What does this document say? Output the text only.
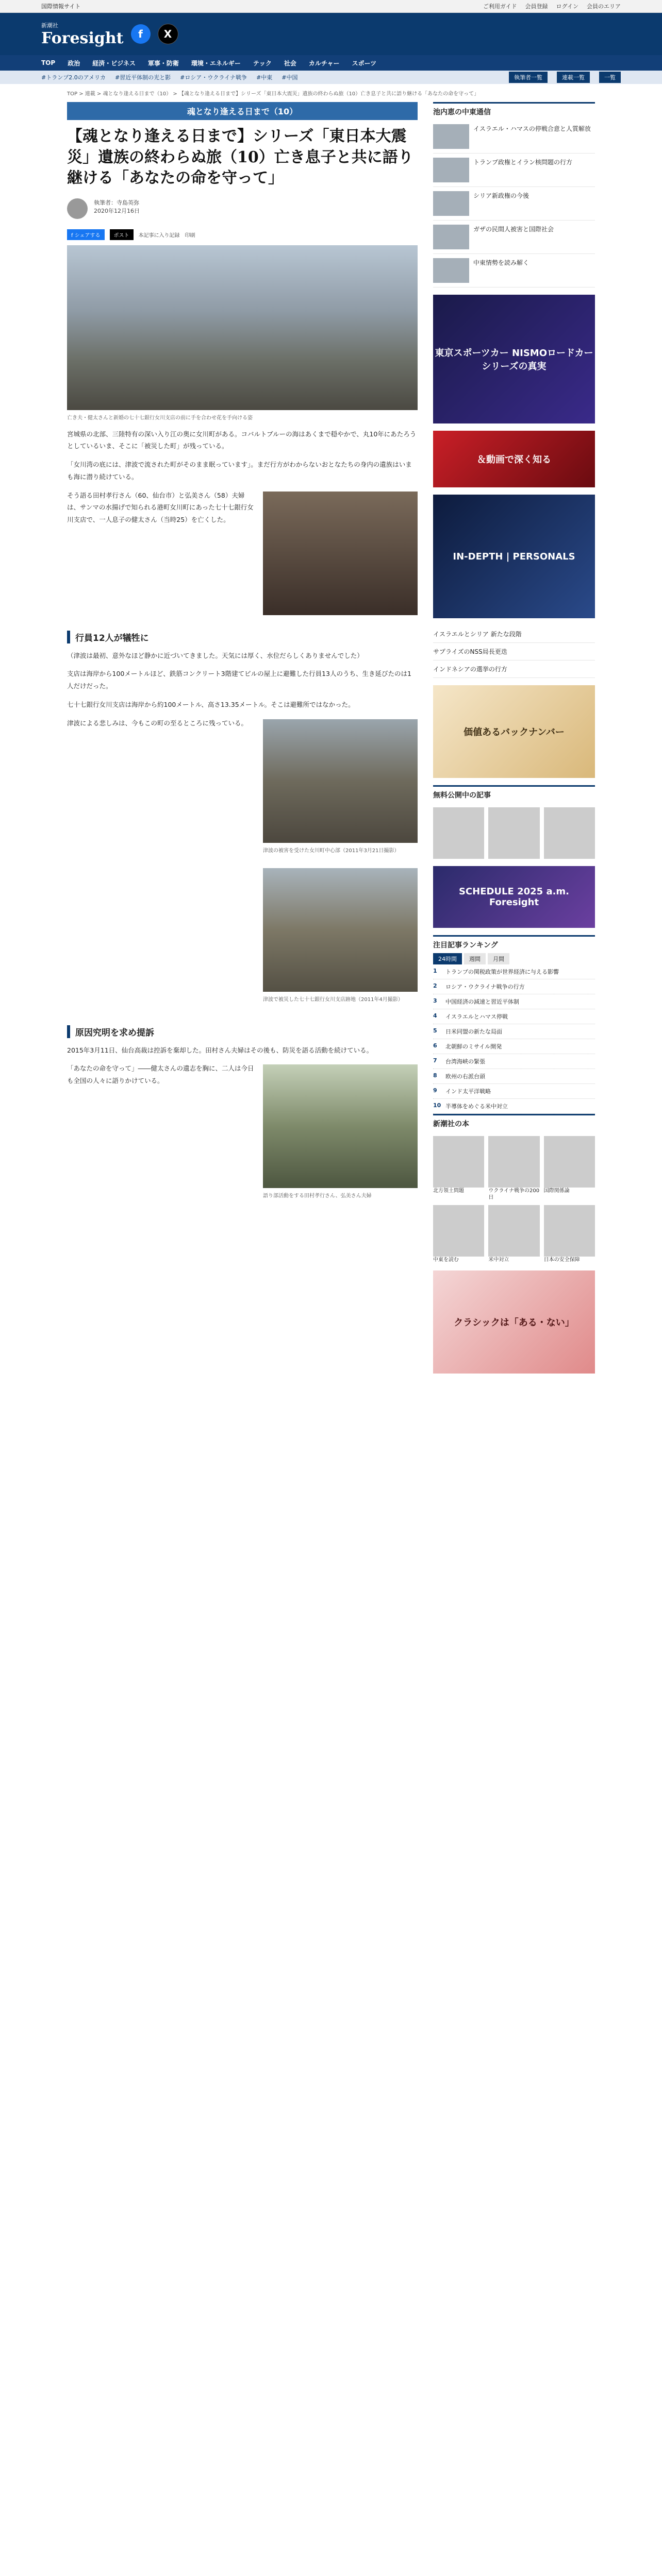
国際情報サイト	ご利用ガイド 会員登録 ログイン 会員のエリア
新潮社
Foresight	f	X
TOP 政治 経済・ビジネス 軍事・防衛 環境・エネルギー テック 社会 カルチャー スポーツ
#トランプ2.0のアメリカ #習近平体制の光と影 #ロシア・ウクライナ戦争 #中東 #中国	執筆者一覧	連載一覧	一覧
TOP > 連載 > 魂となり逢える日まで（10） > 【魂となり逢える日まで】シリーズ「東日本大震災」遺族の終わらぬ旅（10）亡き息子と共に語り継ける「あなたの命を守って」
魂となり逢える日まで（10）
【魂となり逢える日まで】シリーズ「東日本大震災」遺族の終わらぬ旅（10）亡き息子と共に語り継ける「あなたの命を守って」
執筆者：寺島英弥
2020年12月16日
f シェアする	ポスト	本記事に入り記録 印刷
亡き夫・健太さんと新婚の七十七銀行女川支店の前に手を合わせ花を手向ける姿

宮城県の北部、三陸特有の深い入り江の奥に女川町がある。コバルトブルーの海はあくまで穏やかで、丸10年にあたろうとしているいま、そこに「被災した町」が残っている。

「女川湾の底には、津波で流された町がそのまま眠っています」。まだ行方がわからないおとなたちの身内の遺族はいまも海に潜り続けている。

そう語る田村孝行さん（60、仙台市）と弘美さん（58）夫婦は、サンマの水揚げで知られる港町女川町にあった七十七銀行女川支店で、一人息子の健太さん（当時25）を亡くした。

行員12人が犠牲に

（津波は最初、意外なほど静かに近づいてきました。天気には厚く、水位だらしくありませんでした）

支店は海岸から100メートルほど、鉄筋コンクリート3階建てビルの屋上に避難した行員13人のうち、生き延びたのは1人だけだった。

七十七銀行女川支店は海岸から約100メートル、高さ13.35メートル。そこは避難所ではなかった。

津波の被害を受けた女川町中心部（2011年3月21日撮影）

津波による悲しみは、今もこの町の至るところに残っている。

津波で被災した七十七銀行女川支店跡地（2011年4月撮影）
原因究明を求め提訴

2015年3月11日、仙台高裁は控訴を棄却した。田村さん夫婦はその後も、防災を語る活動を続けている。

語り部活動をする田村孝行さん、弘美さん夫婦

「あなたの命を守って」――健太さんの遺志を胸に、二人は今日も全国の人々に語りかけている。

池内恵の中東通信
イスラエル・ハマスの停戦合意と人質解放
トランプ政権とイラン核問題の行方
シリア新政権の今後
ガザの民間人被害と国際社会
中東情勢を読み解く
東京スポーツカー NISMOロードカー シリーズの真実
＆動画で深く知る
IN-DEPTH | PERSONALS
イスラエルとシリア 新たな段階
サプライズのNSS局長更迭
インドネシアの選挙の行方
価値あるバックナンバー
無料公開中の記事
SCHEDULE 2025 a.m. Foresight
注目記事ランキング
24時間	週間	月間
1	トランプの関税政策が世界経済に与える影響
2	ロシア・ウクライナ戦争の行方
3	中国経済の減速と習近平体制
4	イスラエルとハマス停戦
5	日米同盟の新たな局面
6	北朝鮮のミサイル開発
7	台湾海峡の緊張
8	欧州の右派台頭
9	インド太平洋戦略
10 半導体をめぐる米中対立
新潮社の本
北方領土問題	ウクライナ戦争の200日
国際関係論
中東を読む	米中対立	日本の安全保障
クラシックは「ある・ない」
